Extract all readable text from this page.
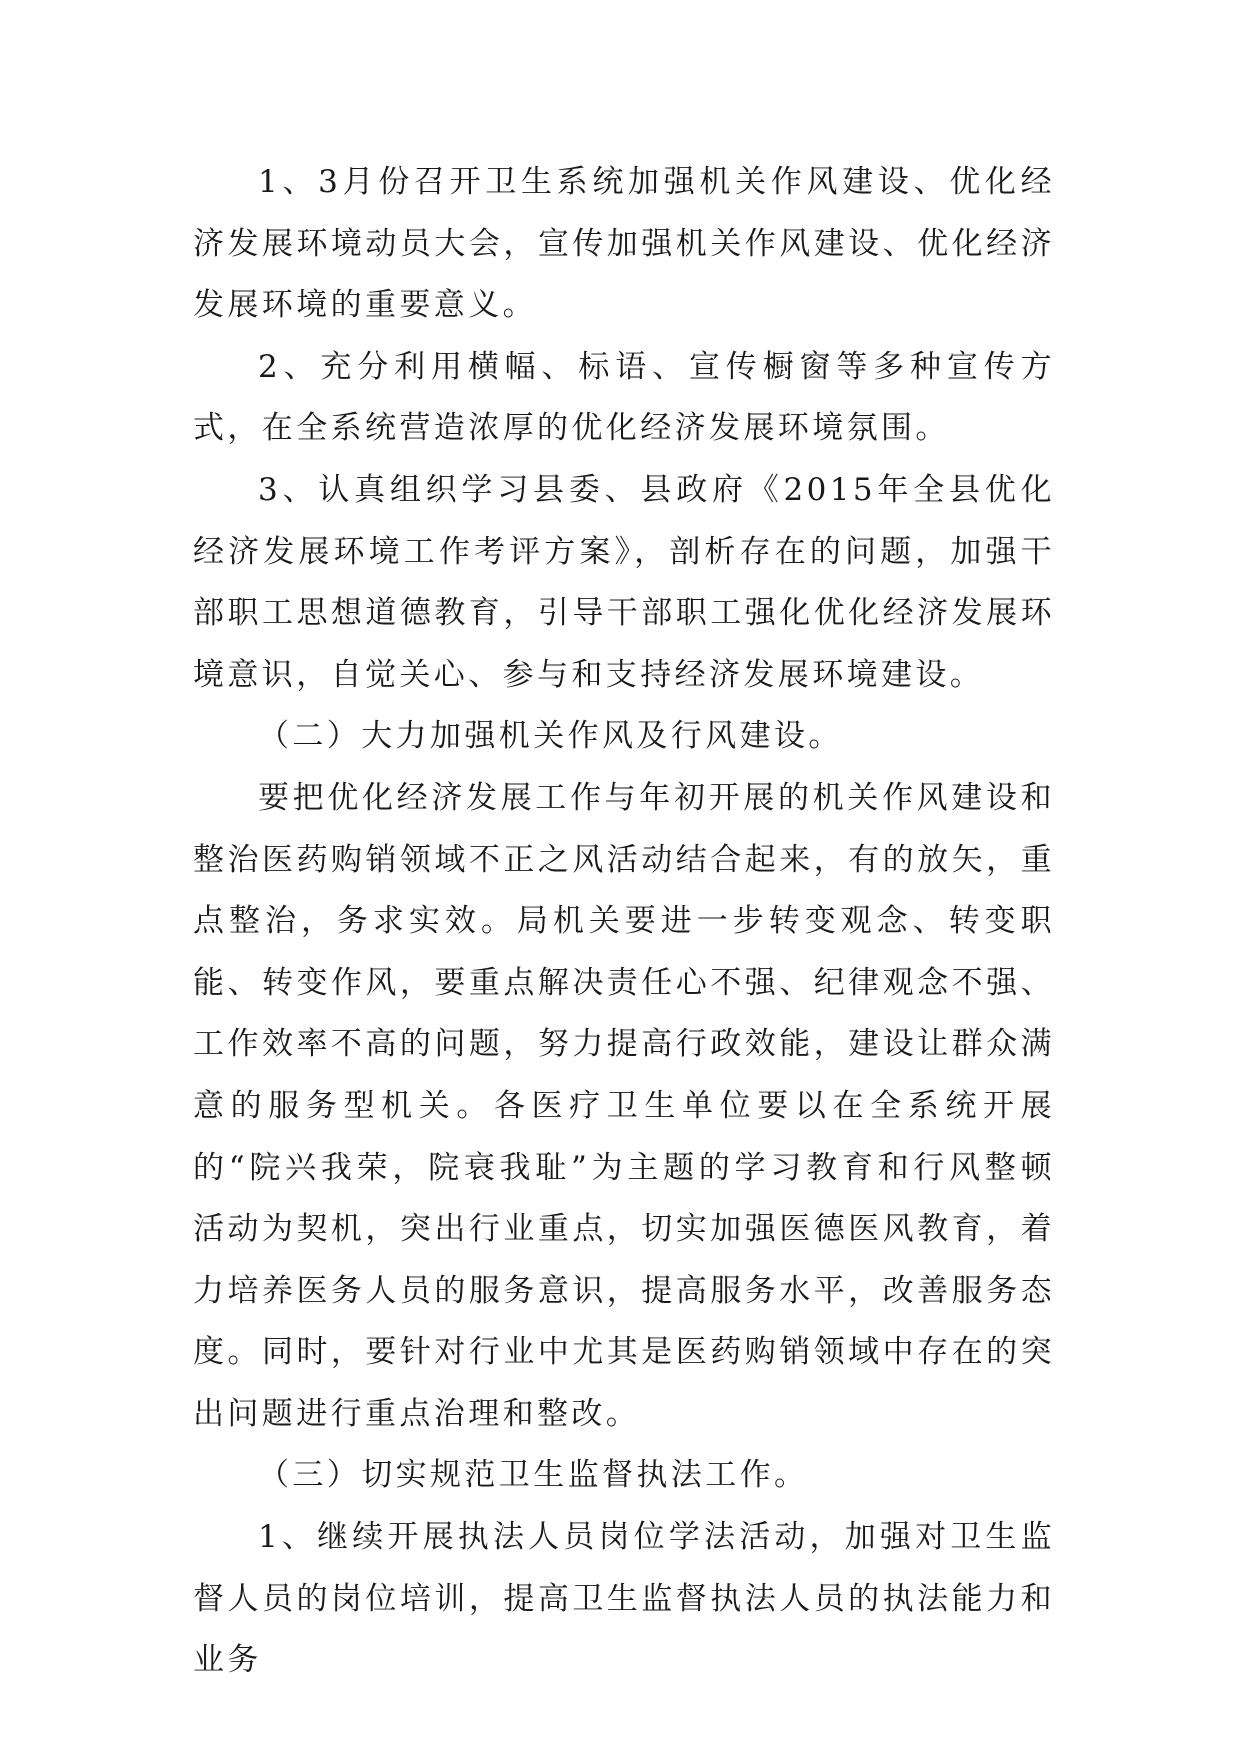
1、3月份召开卫生系统加强机关作风建设、优化经济发展环境动员大会，宣传加强机关作风建设、优化经济发展环境的重要意义。

2、充分利用横幅、标语、宣传橱窗等多种宣传方式，在全系统营造浓厚的优化经济发展环境氛围。

3、认真组织学习县委、县政府《2015年全县优化经济发展环境工作考评方案》，剖析存在的问题，加强干部职工思想道德教育，引导干部职工强化优化经济发展环境意识，自觉关心、参与和支持经济发展环境建设。

（二）大力加强机关作风及行风建设。

要把优化经济发展工作与年初开展的机关作风建设和整治医药购销领域不正之风活动结合起来，有的放矢，重点整治，务求实效。局机关要进一步转变观念、转变职能、转变作风，要重点解决责任心不强、纪律观念不强、工作效率不高的问题，努力提高行政效能，建设让群众满意的服务型机关。各医疗卫生单位要以在全系统开展的“院兴我荣，院衰我耻”为主题的学习教育和行风整顿活动为契机，突出行业重点，切实加强医德医风教育，着力培养医务人员的服务意识，提高服务水平，改善服务态度。同时，要针对行业中尤其是医药购销领域中存在的突出问题进行重点治理和整改。

（三）切实规范卫生监督执法工作。

1、继续开展执法人员岗位学法活动，加强对卫生监督人员的岗位培训，提高卫生监督执法人员的执法能力和业务
